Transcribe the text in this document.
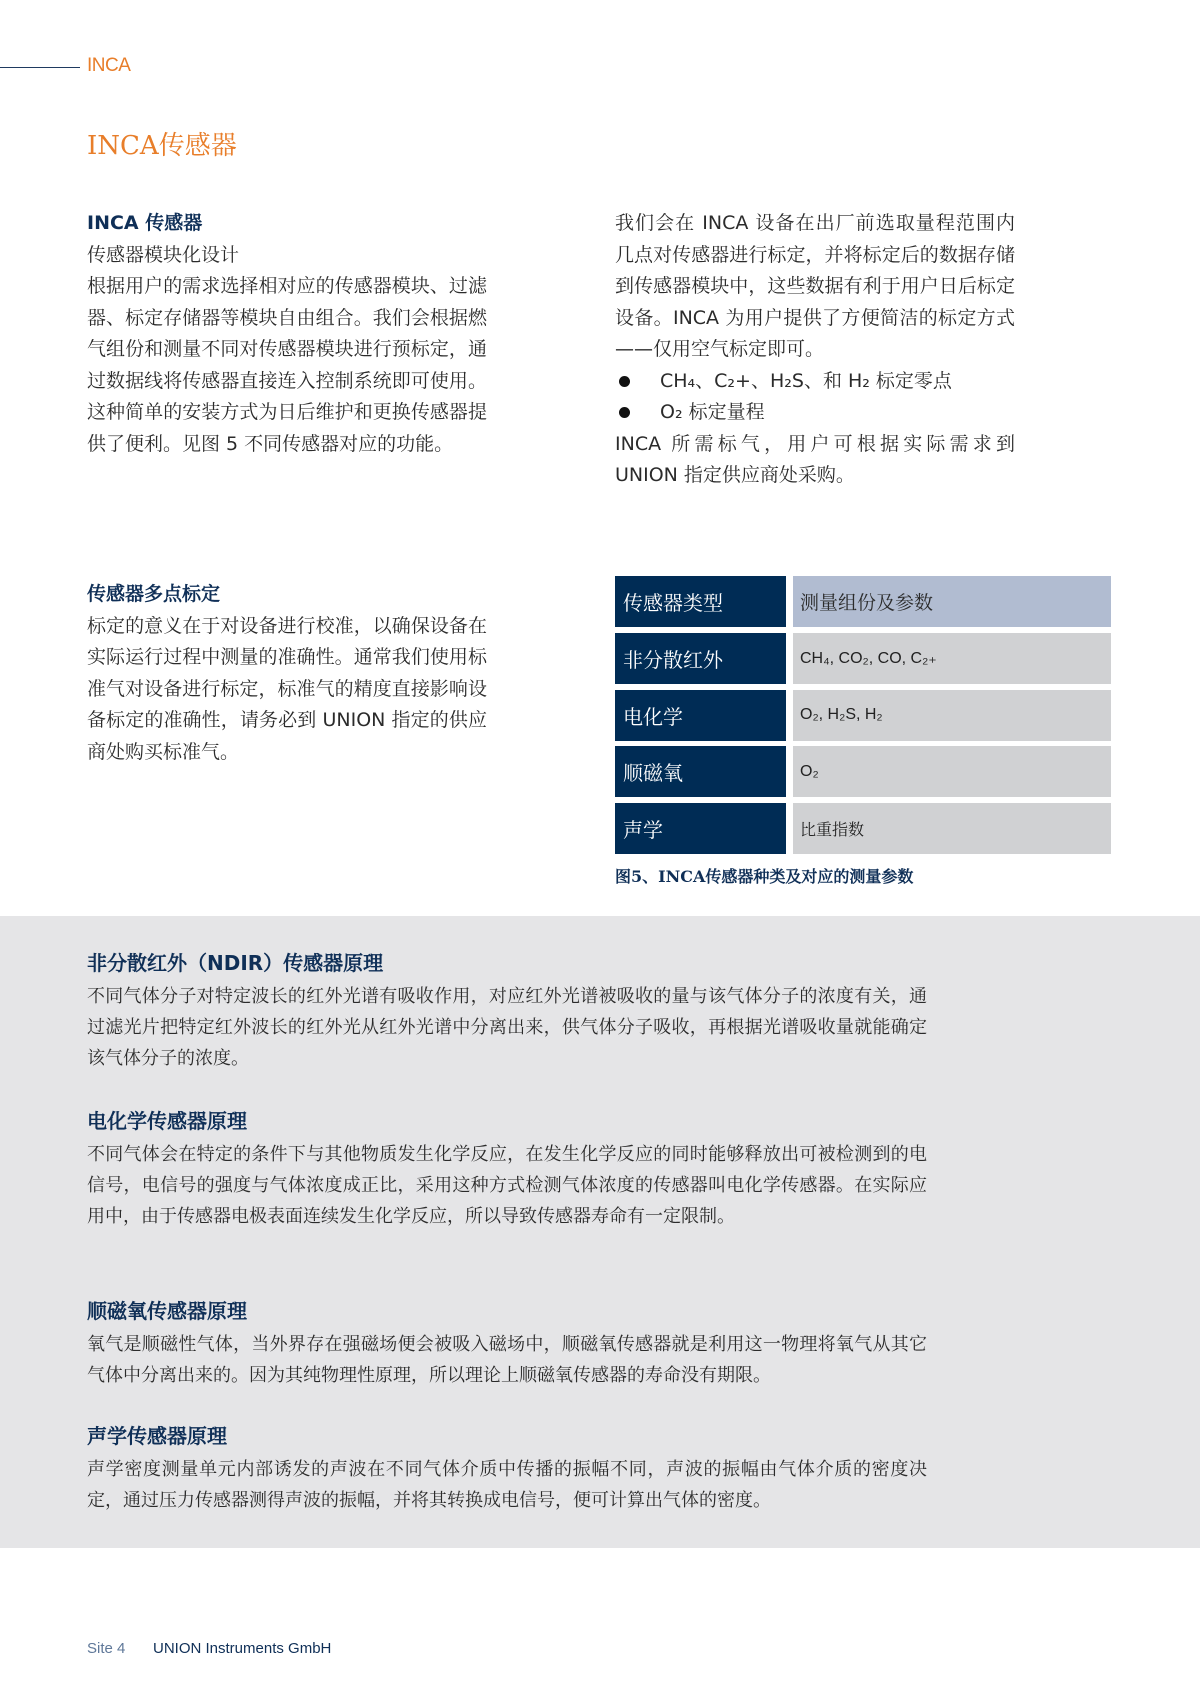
INCA
INCA传感器
INCA 传感器
传感器模块化设计
根据用户的需求选择相对应的传感器模块、过滤器、标定存储器等模块自由组合。我们会根据燃气组份和测量不同对传感器模块进行预标定，通过数据线将传感器直接连入控制系统即可使用。这种简单的安装方式为日后维护和更换传感器提供了便利。见图 5 不同传感器对应的功能。
我们会在 INCA 设备在出厂前选取量程范围内几点对传感器进行标定，并将标定后的数据存储到传感器模块中，这些数据有利于用户日后标定设备。INCA 为用户提供了方便简洁的标定方式——仅用空气标定即可。
CH₄、C₂+、H₂S、和 H₂ 标定零点
O₂ 标定量程
INCA 所需标气，用户可根据实际需求到 UNION 指定供应商处采购。
传感器多点标定
标定的意义在于对设备进行校准，以确保设备在实际运行过程中测量的准确性。通常我们使用标准气对设备进行标定，标准气的精度直接影响设备标定的准确性，请务必到 UNION 指定的供应商处购买标准气。
传感器类型	测量组份及参数
非分散红外	CH₄, CO₂, CO, C₂₊
电化学	O₂, H₂S, H₂
顺磁氧	O₂
声学	比重指数
图5、INCA传感器种类及对应的测量参数
非分散红外（NDIR）传感器原理
不同气体分子对特定波长的红外光谱有吸收作用，对应红外光谱被吸收的量与该气体分子的浓度有关，通过滤光片把特定红外波长的红外光从红外光谱中分离出来，供气体分子吸收，再根据光谱吸收量就能确定该气体分子的浓度。
电化学传感器原理
不同气体会在特定的条件下与其他物质发生化学反应，在发生化学反应的同时能够释放出可被检测到的电信号，电信号的强度与气体浓度成正比，采用这种方式检测气体浓度的传感器叫电化学传感器。在实际应用中，由于传感器电极表面连续发生化学反应，所以导致传感器寿命有一定限制。
顺磁氧传感器原理
氧气是顺磁性气体，当外界存在强磁场便会被吸入磁场中，顺磁氧传感器就是利用这一物理将氧气从其它气体中分离出来的。因为其纯物理性原理，所以理论上顺磁氧传感器的寿命没有期限。
声学传感器原理
声学密度测量单元内部诱发的声波在不同气体介质中传播的振幅不同，声波的振幅由气体介质的密度决定，通过压力传感器测得声波的振幅，并将其转换成电信号，便可计算出气体的密度。
Site 4 UNION Instruments GmbH
